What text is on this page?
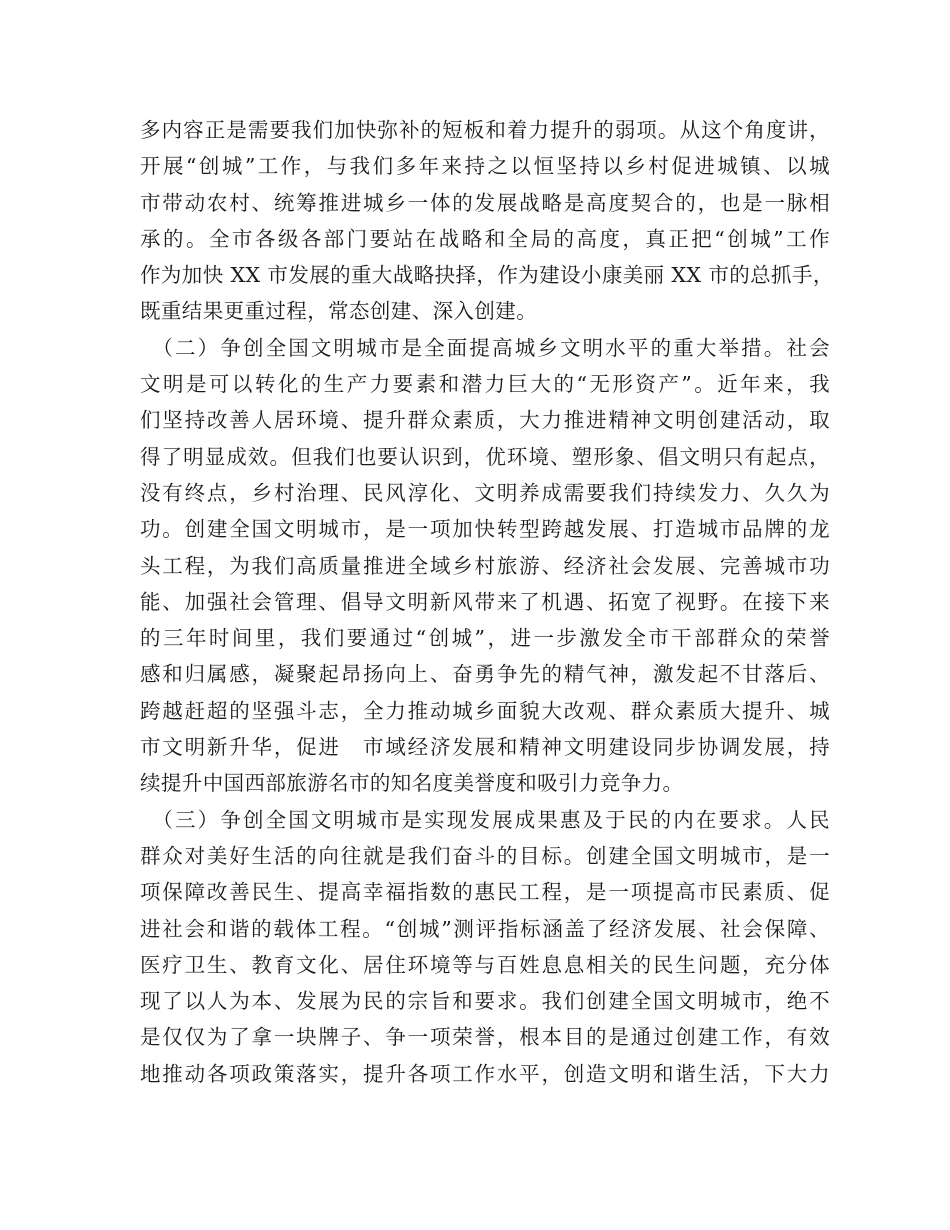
多内容正是需要我们加快弥补的短板和着力提升的弱项。从这个角度讲，
开展“创城”工作，与我们多年来持之以恒坚持以乡村促进城镇、以城
市带动农村、统筹推进城乡一体的发展战略是高度契合的，也是一脉相
承的。全市各级各部门要站在战略和全局的高度，真正把“创城”工作
作为加快 XX 市发展的重大战略抉择，作为建设小康美丽 XX 市的总抓手，
既重结果更重过程，常态创建、深入创建。
　（二）争创全国文明城市是全面提高城乡文明水平的重大举措。社会
文明是可以转化的生产力要素和潜力巨大的“无形资产”。近年来，我
们坚持改善人居环境、提升群众素质，大力推进精神文明创建活动，取
得了明显成效。但我们也要认识到，优环境、塑形象、倡文明只有起点，
没有终点，乡村治理、民风淳化、文明养成需要我们持续发力、久久为
功。创建全国文明城市，是一项加快转型跨越发展、打造城市品牌的龙
头工程，为我们高质量推进全域乡村旅游、经济社会发展、完善城市功
能、加强社会管理、倡导文明新风带来了机遇、拓宽了视野。在接下来
的三年时间里，我们要通过“创城”，进一步激发全市干部群众的荣誉
感和归属感，凝聚起昂扬向上、奋勇争先的精气神，激发起不甘落后、
跨越赶超的坚强斗志，全力推动城乡面貌大改观、群众素质大提升、城
市文明新升华，促进　市域经济发展和精神文明建设同步协调发展，持
续提升中国西部旅游名市的知名度美誉度和吸引力竞争力。
　（三）争创全国文明城市是实现发展成果惠及于民的内在要求。人民
群众对美好生活的向往就是我们奋斗的目标。创建全国文明城市，是一
项保障改善民生、提高幸福指数的惠民工程，是一项提高市民素质、促
进社会和谐的载体工程。“创城”测评指标涵盖了经济发展、社会保障、
医疗卫生、教育文化、居住环境等与百姓息息相关的民生问题，充分体
现了以人为本、发展为民的宗旨和要求。我们创建全国文明城市，绝不
是仅仅为了拿一块牌子、争一项荣誉，根本目的是通过创建工作，有效
地推动各项政策落实，提升各项工作水平，创造文明和谐生活，下大力
